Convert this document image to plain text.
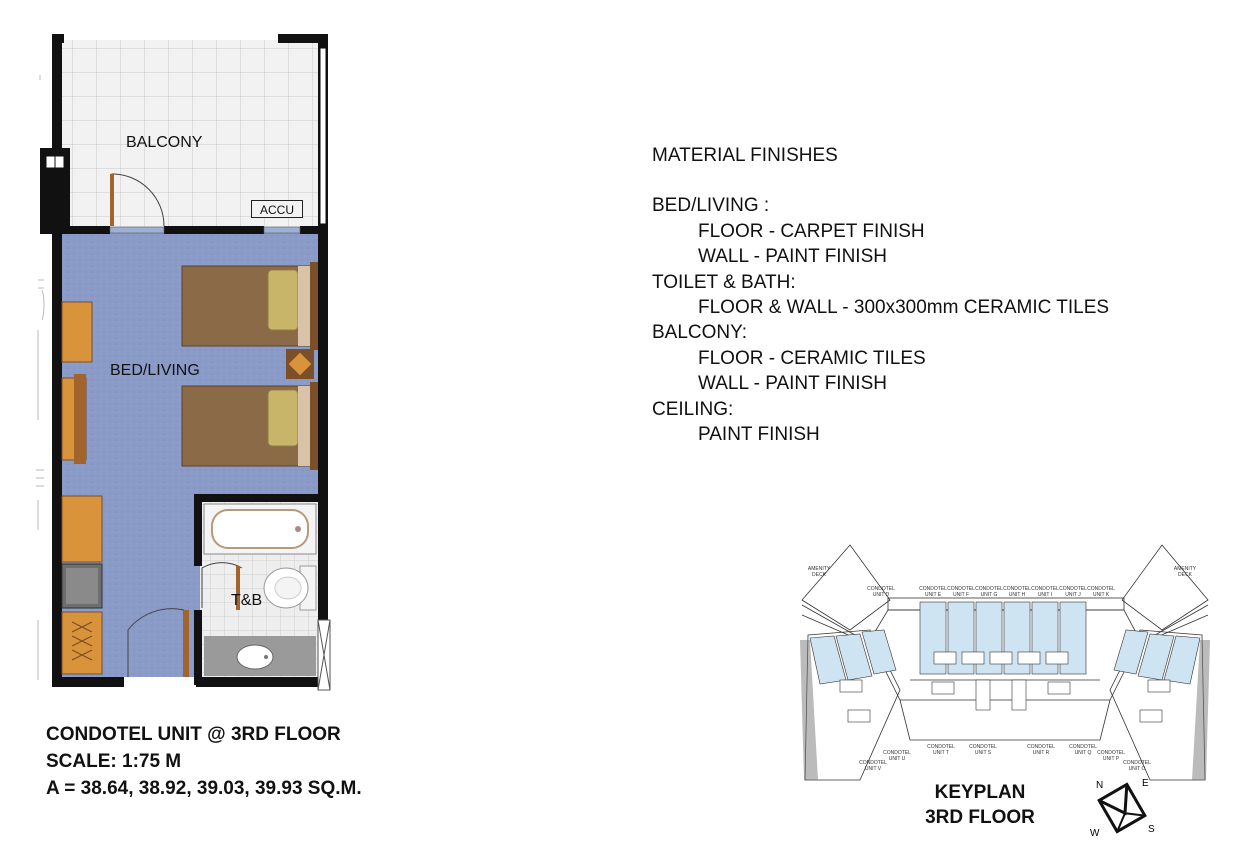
BALCONY
ACCU
BED/LIVING
T&B
CONDOTEL UNIT @ 3RD FLOOR
SCALE: 1:75 M
A = 38.64, 38.92, 39.03, 39.93 SQ.M.
MATERIAL FINISHES
BED/LIVING :
FLOOR - CARPET FINISH
WALL - PAINT FINISH
TOILET & BATH:
FLOOR & WALL - 300x300mm CERAMIC TILES
BALCONY:
FLOOR - CERAMIC TILES
WALL - PAINT FINISH
CEILING:
PAINT FINISH
CONDOTEL UNIT D
CONDOTEL UNIT E
CONDOTEL UNIT F
CONDOTEL UNIT G
CONDOTEL UNIT H
CONDOTEL UNIT I
CONDOTEL UNIT J
CONDOTEL UNIT K
CONDOTEL UNIT V
CONDOTEL UNIT U
CONDOTEL UNIT T
CONDOTEL UNIT S
CONDOTEL UNIT R
CONDOTEL UNIT Q	CONDOTEL UNIT P
CONDOTEL UNIT O
AMENITY DECK
AMENITY DECK
KEYPLAN
3RD FLOOR
N	E
S
W
